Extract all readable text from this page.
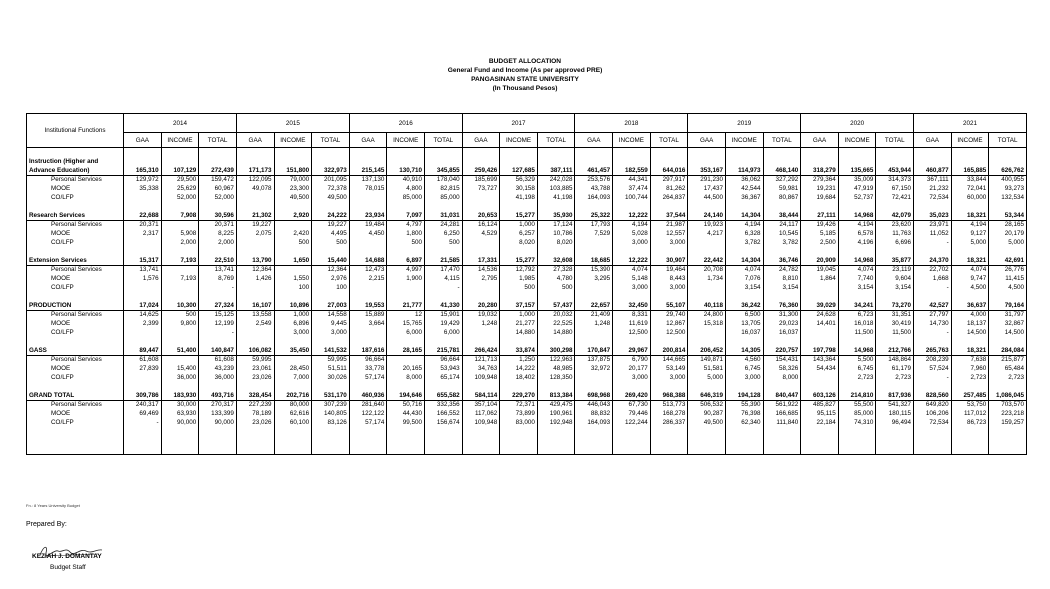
BUDGET ALLOCATION
General Fund and Income (As per approved PRE)
PANGASINAN STATE UNIVERSITY
(In Thousand Pesos)
Institutional Functions	2014			2015			2016			2017			2018			2019			2020			2021		
	GAA	INCOME	TOTAL	GAA	INCOME	TOTAL	GAA	INCOME	TOTAL	GAA	INCOME	TOTAL	GAA	INCOME	TOTAL	GAA	INCOME	TOTAL	GAA	INCOME	TOTAL	GAA	INCOME	TOTAL

Instruction (Higher and																								
Advance Education)	165,310	107,129	272,439	171,173	151,800	322,973	215,145	130,710	345,855	259,426	127,685	387,111	461,457	182,559	644,016	353,167	114,973	468,140	318,279	135,665	453,944	460,877	165,885	626,762
Personal Services	129,972	29,500	159,472	122,095	79,000	201,095	137,130	40,910	178,040	185,699	56,329	242,028	253,576	44,341	297,917	291,230	36,062	327,292	279,364	35,009	314,373	367,111	33,844	400,955
MOOE	35,338	25,629	60,967	49,078	23,300	72,378	78,015	4,800	82,815	73,727	30,158	103,885	43,788	37,474	81,262	17,437	42,544	59,981	19,231	47,919	67,150	21,232	72,041	93,273
CO/LFP		52,000	52,000		49,500	49,500		85,000	85,000		41,198	41,198	164,093	100,744	264,837	44,500	36,367	80,867	19,684	52,737	72,421	72,534	60,000	132,534

Research Services	22,688	7,908	30,596	21,302	2,920	24,222	23,934	7,097	31,031	20,653	15,277	35,930	25,322	12,222	37,544	24,140	14,304	38,444	27,111	14,968	42,079	35,023	18,321	53,344
Personal Services	20,371		20,371	19,227		19,227	19,484	4,797	24,281	16,124	1,000	17,124	17,793	4,194	21,987	19,923	4,194	24,117	19,426	4,194	23,620	23,971	4,194	28,165
MOOE	2,317	5,908	8,225	2,075	2,420	4,495	4,450	1,800	6,250	4,529	6,257	10,786	7,529	5,028	12,557	4,217	6,328	10,545	5,185	6,578	11,763	11,052	9,127	20,179
CO/LFP		2,000	2,000		500	500		500	500		8,020	8,020		3,000	3,000		3,782	3,782	2,500	4,196	6,696	-	5,000	5,000

Extension Services	15,317	7,193	22,510	13,790	1,650	15,440	14,688	6,897	21,585	17,331	15,277	32,608	18,685	12,222	30,907	22,442	14,304	36,746	20,909	14,968	35,877	24,370	18,321	42,691
Personal Services	13,741		13,741	12,364		12,364	12,473	4,997	17,470	14,536	12,792	27,328	15,390	4,074	19,464	20,708	4,074	24,782	19,045	4,074	23,119	22,702	4,074	26,776
MOOE	1,576	7,193	8,769	1,426	1,550	2,976	2,215	1,900	4,115	2,795	1,985	4,780	3,295	5,148	8,443	1,734	7,076	8,810	1,864	7,740	9,604	1,668	9,747	11,415
CO/LFP			-		100	100			-		500	500		3,000	3,000		3,154	3,154		3,154	3,154	-	4,500	4,500

PRODUCTION	17,024	10,300	27,324	16,107	10,896	27,003	19,553	21,777	41,330	20,280	37,157	57,437	22,657	32,450	55,107	40,118	36,242	76,360	39,029	34,241	73,270	42,527	36,637	79,164
Personal Services	14,625	500	15,125	13,558	1,000	14,558	15,889	12	15,901	19,032	1,000	20,032	21,409	8,331	29,740	24,800	6,500	31,300	24,628	6,723	31,351	27,797	4,000	31,797
MOOE	2,399	9,800	12,199	2,549	6,896	9,445	3,664	15,765	19,429	1,248	21,277	22,525	1,248	11,619	12,867	15,318	13,705	29,023	14,401	16,018	30,419	14,730	18,137	32,867
CO/LFP			-		3,000	3,000		6,000	6,000		14,880	14,880		12,500	12,500		16,037	16,037		11,500	11,500	-	14,500	14,500

GASS	89,447	51,400	140,847	106,082	35,450	141,532	187,616	28,165	215,781	266,424	33,874	300,298	170,847	29,967	200,814	206,452	14,305	220,757	197,798	14,968	212,766	265,763	18,321	284,084
Personal Services	61,608		61,608	59,995		59,995	96,664		96,664	121,713	1,250	122,963	137,875	6,790	144,665	149,871	4,560	154,431	143,364	5,500	148,864	208,239	7,638	215,877
MOOE	27,839	15,400	43,239	23,061	28,450	51,511	33,778	20,165	53,943	34,763	14,222	48,985	32,972	20,177	53,149	51,581	6,745	58,326	54,434	6,745	61,179	57,524	7,960	65,484
CO/LFP		36,000	36,000	23,026	7,000	30,026	57,174	8,000	65,174	109,948	18,402	128,350		3,000	3,000	5,000	3,000	8,000		2,723	2,723	-	2,723	2,723

GRAND TOTAL	309,786	183,930	493,716	328,454	202,716	531,170	460,936	194,646	655,582	584,114	229,270	813,384	698,968	269,420	968,388	646,319	194,128	840,447	603,126	214,810	817,936	828,560	257,485	1,086,045
Personal Services	240,317	30,000	270,317	227,239	80,000	307,239	281,640	50,716	332,356	357,104	72,371	429,475	446,043	67,730	513,773	506,532	55,390	561,922	485,827	55,500	541,327	649,820	53,750	703,570
MOOE	69,469	63,930	133,399	78,189	62,616	140,805	122,122	44,430	166,552	117,062	73,899	190,961	88,832	79,446	168,278	90,287	76,398	166,685	95,115	85,000	180,115	106,206	117,012	223,218
CO/LFP	-	90,000	90,000	23,026	60,100	83,126	57,174	99,500	156,674	109,948	83,000	192,948	164,093	122,244	286,337	49,500	62,340	111,840	22,184	74,310	96,494	72,534	86,723	159,257

Fn.: 8 Years University Budget
Prepared By:
KEZIAH J. DOMANTAY
Budget Staff
